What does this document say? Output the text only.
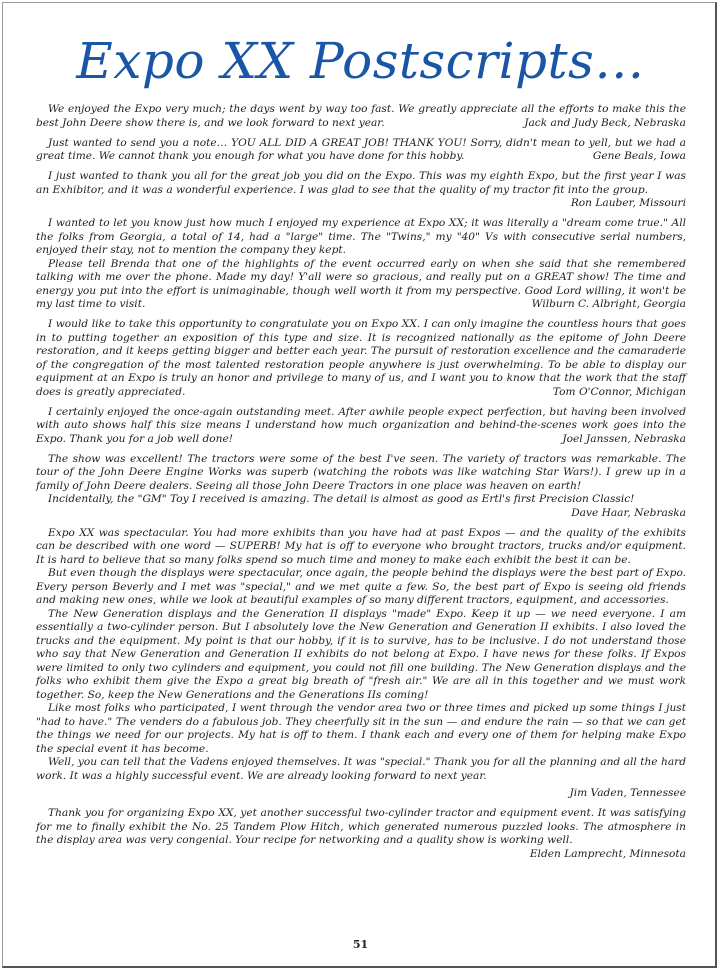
Expo XX Postscripts…

We enjoyed the Expo very much; the days went by way too fast. We greatly appreciate all the efforts to make this the best John Deere show there is, and we look forward to next year.	Jack and Judy Beck, Nebraska

Just wanted to send you a note… YOU ALL DID A GREAT JOB! THANK YOU! Sorry, didn't mean to yell, but we had a great time. We cannot thank you enough for what you have done for this hobby.	Gene Beals, Iowa

I just wanted to thank you all for the great job you did on the Expo. This was my eighth Expo, but the first year I was an Exhibitor, and it was a wonderful experience. I was glad to see that the quality of my tractor fit into the group.

Ron Lauber, Missouri

I wanted to let you know just how much I enjoyed my experience at Expo XX; it was literally a "dream come true." All the folks from Georgia, a total of 14, had a "large" time. The "Twins," my "40" Vs with consecutive serial numbers, enjoyed their stay, not to mention the company they kept.

Please tell Brenda that one of the highlights of the event occurred early on when she said that she remembered talking with me over the phone. Made my day! Y'all were so gracious, and really put on a GREAT show! The time and energy you put into the effort is unimaginable, though well worth it from my perspective. Good Lord willing, it won't be my last time to visit.	Wilburn C. Albright, Georgia

I would like to take this opportunity to congratulate you on Expo XX. I can only imagine the countless hours that goes in to putting together an exposition of this type and size. It is recognized nationally as the epitome of John Deere restoration, and it keeps getting bigger and better each year. The pursuit of restoration excellence and the camaraderie of the congregation of the most talented restoration people anywhere is just overwhelming. To be able to display our equipment at an Expo is truly an honor and privilege to many of us, and I want you to know that the work that the staff does is greatly appreciated.	Tom O'Connor, Michigan

I certainly enjoyed the once-again outstanding meet. After awhile people expect perfection, but having been involved with auto shows half this size means I understand how much organization and behind-the-scenes work goes into the Expo. Thank you for a job well done!	Joel Janssen, Nebraska

The show was excellent! The tractors were some of the best I've seen. The variety of tractors was remarkable. The tour of the John Deere Engine Works was superb (watching the robots was like watching Star Wars!). I grew up in a family of John Deere dealers. Seeing all those John Deere Tractors in one place was heaven on earth!

Incidentally, the "GM" Toy I received is amazing. The detail is almost as good as Ertl's first Precision Classic!

Dave Haar, Nebraska

Expo XX was spectacular. You had more exhibits than you have had at past Expos — and the quality of the exhibits can be described with one word — SUPERB! My hat is off to everyone who brought tractors, trucks and/or equipment. It is hard to believe that so many folks spend so much time and money to make each exhibit the best it can be.

But even though the displays were spectacular, once again, the people behind the displays were the best part of Expo. Every person Beverly and I met was "special," and we met quite a few. So, the best part of Expo is seeing old friends and making new ones, while we look at beautiful examples of so many different tractors, equipment, and accessories.

The New Generation displays and the Generation II displays "made" Expo. Keep it up — we need everyone. I am essentially a two-cylinder person. But I absolutely love the New Generation and Generation II exhibits. I also loved the trucks and the equipment. My point is that our hobby, if it is to survive, has to be inclusive. I do not understand those who say that New Generation and Generation II exhibits do not belong at Expo. I have news for these folks. If Expos were limited to only two cylinders and equipment, you could not fill one building. The New Generation displays and the folks who exhibit them give the Expo a great big breath of "fresh air." We are all in this together and we must work together. So, keep the New Generations and the Generations IIs coming!

Like most folks who participated, I went through the vendor area two or three times and picked up some things I just "had to have." The venders do a fabulous job. They cheerfully sit in the sun — and endure the rain — so that we can get the things we need for our projects. My hat is off to them. I thank each and every one of them for helping make Expo the special event it has become.

Well, you can tell that the Vadens enjoyed themselves. It was "special." Thank you for all the planning and all the hard work. It was a highly successful event. We are already looking forward to next year.

Jim Vaden, Tennessee

Thank you for organizing Expo XX, yet another successful two-cylinder tractor and equipment event. It was satisfying for me to finally exhibit the No. 25 Tandem Plow Hitch, which generated numerous puzzled looks. The atmosphere in the display area was very congenial. Your recipe for networking and a quality show is working well.

Elden Lamprecht, Minnesota
51
